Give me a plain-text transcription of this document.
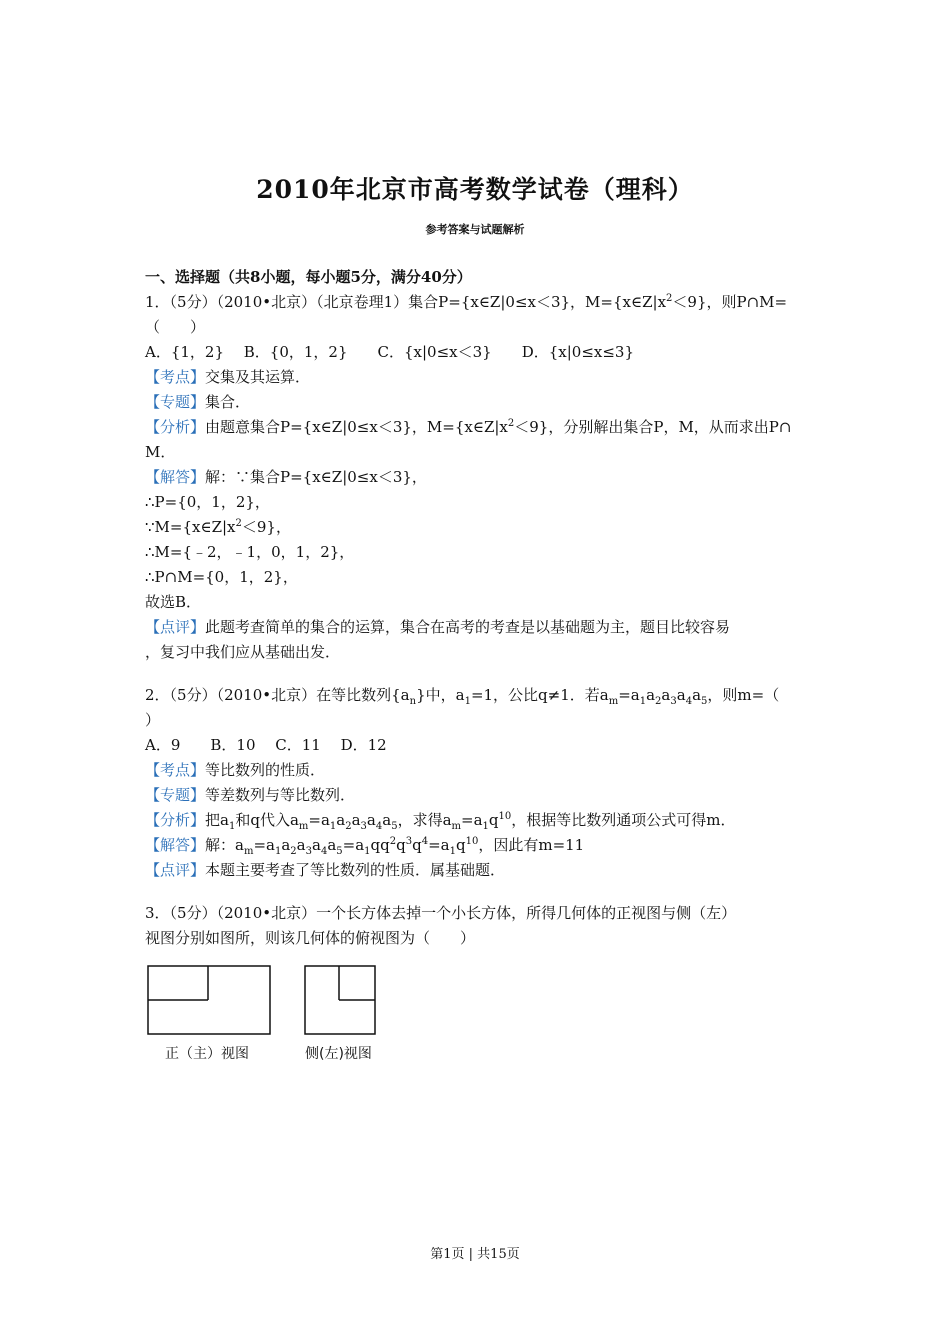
2010年北京市高考数学试卷（理科）
参考答案与试题解析
一、选择题（共8小题，每小题5分，满分40分）
1．（5分）（2010•北京）（北京卷理1）集合P={x∈Z|0≤x＜3}，$M=\{x\in Z|x^2<9\}$，则P∩M=
（　　）
A．{1，2}　 B．{0，1，2}　　C．{x|0≤x＜3}　　D．{x|0≤x≤3}
【考点】交集及其运算．
【专题】集合．
【分析】由题意集合P={x∈Z|0≤x＜3}，$M=\{x\in Z|x^2<9\}$，分别解出集合P，M，从而求出P∩
M．
【解答】解：∵集合P={x∈Z|0≤x＜3}，
∴P={0，1，2}，
$\because M=\{x\in Z|x^2<9\}$，
∴M={﹣2，﹣1，0，1，2}，
∴P∩M={0，1，2}，
故选B．
【点评】此题考查简单的集合的运算，集合在高考的考查是以基础题为主，题目比较容易
，复习中我们应从基础出发．
2．（5分）（2010•北京）在等比数列$\{a_n\}$中，$a_1=1$，公比q≠1．若$a_m=a_1a_2a_3a_4a_5$，则m=（
）
A．9　　B．10　 C．11　 D．12
【考点】等比数列的性质．
【专题】等差数列与等比数列．
【分析】把$a_1$和q代入$a_m=a_1a_2a_3a_4a_5$，求得$a_m=a_1q^{10}$，根据等比数列通项公式可得m．
【解答】解：$a_m=a_1a_2a_3a_4a_5=a_1qq^2q^3q^4=a_1q^{10}$，因此有m=11
【点评】本题主要考查了等比数列的性质．属基础题．
3．（5分）（2010•北京）一个长方体去掉一个小长方体，所得几何体的正视图与侧（左）
视图分别如图所，则该几何体的俯视图为（　　）
正（主）视图	侧(左)视图
第1页 | 共15页
